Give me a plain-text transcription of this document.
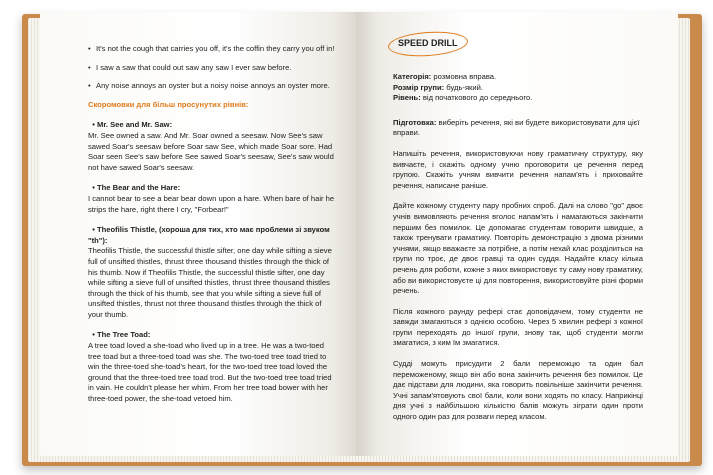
• It's not the cough that carries you off, it's the coffin they carry you off in!

• I saw a saw that could out saw any saw I ever saw before.

• Any noise annoys an oyster but a noisy noise annoys an oyster more.

Скоромовки для більш просунутих рівнів:

• Mr. See and Mr. Saw:

Mr. See owned a saw. And Mr. Soar owned a seesaw. Now See's saw sawed Soar's seesaw before Soar saw See, which made Soar sore. Had Soar seen See's saw before See sawed Soar's seesaw, See's saw would not have sawed Soar's seesaw.

• The Bear and the Hare:

I cannot bear to see a bear bear down upon a hare. When bare of hair he strips the hare, right there I cry, "Forbear!"

• Theofilis Thistle, (хороша для тих, хто має проблеми зі звуком "th"):

Theofilis Thistle, the successful thistle sifter, one day while sifting a sieve full of unsifted thistles, thrust three thousand thistles through the thick of his thumb. Now if Theofilis Thistle, the successful thistle sifter, one day while sifting a sieve full of unsifted thistles, thrust three thousand thistles through the thick of his thumb, see that you while sifting a sieve full of unsifted thistles, thrust not three thousand thistles through the thick of your thumb.

• The Tree Toad:

A tree toad loved a she-toad who lived up in a tree. He was a two-toed tree toad but a three-toed toad was she. The two-toed tree toad tried to win the three-toed she-toad's heart, for the two-toed tree toad loved the ground that the three-toed tree toad trod. But the two-toed tree toad tried in vain. He couldn't please her whim. From her tree toad bower with her three-toed power, the she-toad vetoed him.

SPEED DRILL

Категорія: розмовна вправа.

Розмір групи: будь-який.

Рівень: від початкового до середнього.

Підготовка: виберіть речення, які ви будете використовувати для цієї вправи.

Напишіть речення, використовуючи нову граматичну структуру, яку вивчаєте, і скажіть одному учню проговорити це речення перед групою. Скажіть учням вивчити речення напам'ять і приховайте речення, написане раніше.

Дайте кожному студенту пару пробних спроб. Далі на слово "go" двоє учнів вимовляють речення вголос напам'ять і намагаються закінчити першим без помилок. Це допомагає студентам говорити швидше, а також тренувати граматику. Повторіть демонстрацію з двома різними учнями, якщо вважаєте за потрібне, а потім нехай клас розділиться на групи по троє, де двоє гравці та один суддя. Надайте класу кілька речень для роботи, кожне з яких використовує ту саму нову граматику, або ви використовуєте ці для повторення, використовуйте різні форми речень.

Після кожного раунду рефері стає доповідачем, тому студенти не завжди змагаються з однією особою. Через 5 хвилин рефері з кожної групи переходять до іншої групи, знову так, щоб студенти могли змагатися, з ким їм змагатися.

Судді можуть присудити 2 бали переможцю та один бал переможеному, якщо він або вона закінчить речення без помилок. Це дає підстави для людини, яка говорить повільніше закінчити речення. Учні запам'ятовують свої бали, коли вони ходять по класу. Наприкінці дня учні з найбільшою кількістю балів можуть зіграти один проти одного один раз для розваги перед класом.
